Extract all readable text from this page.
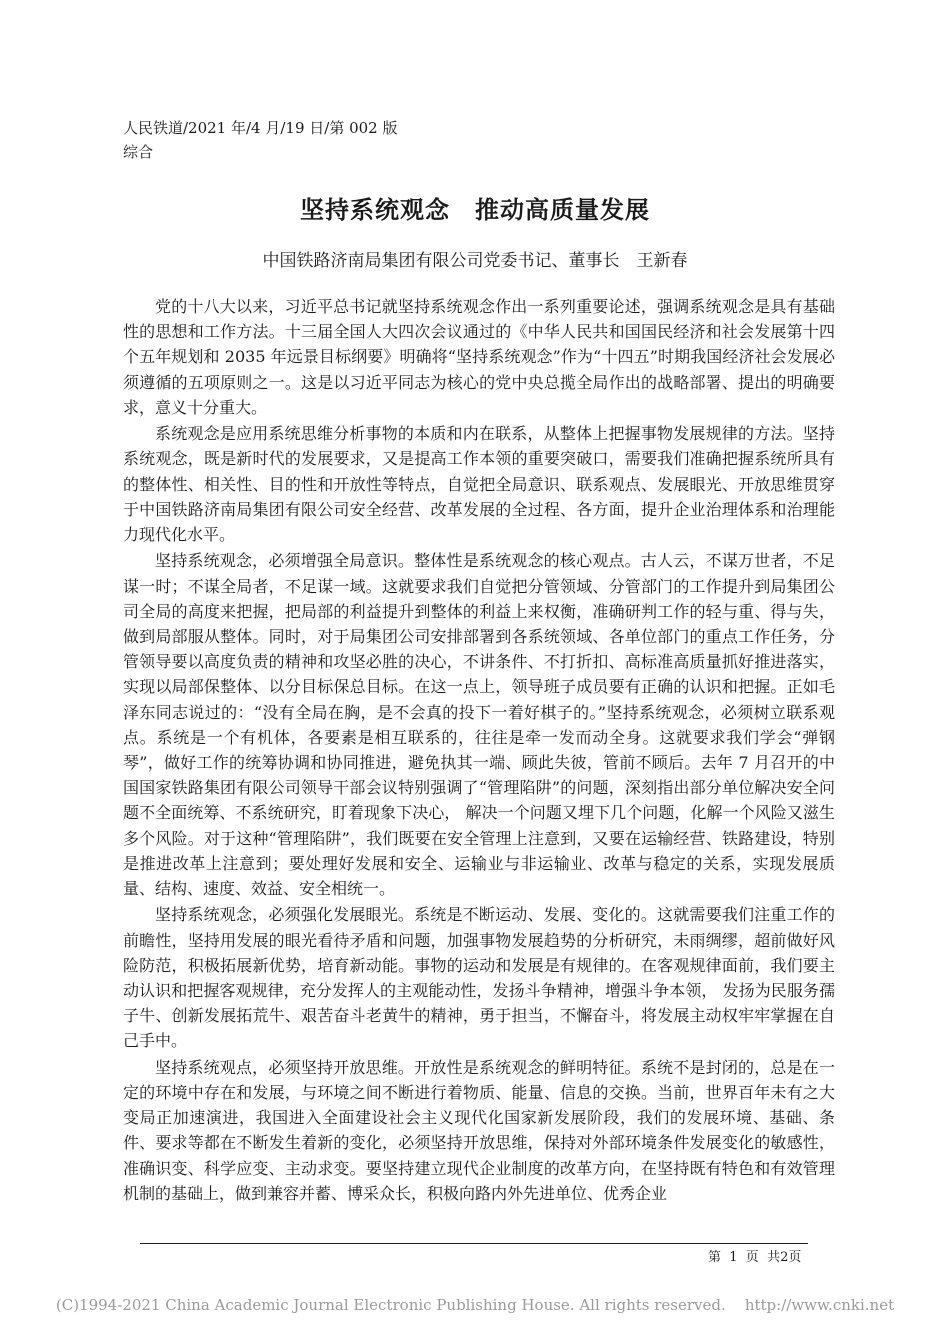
人民铁道/2021 年/4 月/19 日/第 002 版
综合
坚持系统观念　推动高质量发展
中国铁路济南局集团有限公司党委书记、董事长　王新春

党的十八大以来，习近平总书记就坚持系统观念作出一系列重要论述，强调系统观念是具有基础性的思想和工作方法。十三届全国人大四次会议通过的《中华人民共和国国民经济和社会发展第十四个五年规划和 2035 年远景目标纲要》明确将“坚持系统观念”作为“十四五”时期我国经济社会发展必须遵循的五项原则之一。这是以习近平同志为核心的党中央总揽全局作出的战略部署、提出的明确要求，意义十分重大。

系统观念是应用系统思维分析事物的本质和内在联系，从整体上把握事物发展规律的方法。坚持系统观念，既是新时代的发展要求，又是提高工作本领的重要突破口，需要我们准确把握系统所具有的整体性、相关性、目的性和开放性等特点，自觉把全局意识、联系观点、发展眼光、开放思维贯穿于中国铁路济南局集团有限公司安全经营、改革发展的全过程、各方面，提升企业治理体系和治理能力现代化水平。

坚持系统观念，必须增强全局意识。整体性是系统观念的核心观点。古人云，不谋万世者，不足谋一时；不谋全局者，不足谋一域。这就要求我们自觉把分管领域、分管部门的工作提升到局集团公司全局的高度来把握，把局部的利益提升到整体的利益上来权衡，准确研判工作的轻与重、得与失，做到局部服从整体。同时，对于局集团公司安排部署到各系统领域、各单位部门的重点工作任务，分管领导要以高度负责的精神和攻坚必胜的决心，不讲条件、不打折扣、高标准高质量抓好推进落实，实现以局部保整体、以分目标保总目标。在这一点上，领导班子成员要有正确的认识和把握。正如毛泽东同志说过的：“没有全局在胸，是不会真的投下一着好棋子的。”坚持系统观念，必须树立联系观点。系统是一个有机体，各要素是相互联系的，往往是牵一发而动全身。这就要求我们学会“弹钢琴”，做好工作的统筹协调和协同推进，避免执其一端、顾此失彼，管前不顾后。去年 7 月召开的中国国家铁路集团有限公司领导干部会议特别强调了“管理陷阱”的问题，深刻指出部分单位解决安全问题不全面统筹、不系统研究，盯着现象下决心， 解决一个问题又埋下几个问题，化解一个风险又滋生多个风险。对于这种“管理陷阱”，我们既要在安全管理上注意到，又要在运输经营、铁路建设，特别是推进改革上注意到；要处理好发展和安全、运输业与非运输业、改革与稳定的关系，实现发展质量、结构、速度、效益、安全相统一。

坚持系统观念，必须强化发展眼光。系统是不断运动、发展、变化的。这就需要我们注重工作的前瞻性，坚持用发展的眼光看待矛盾和问题，加强事物发展趋势的分析研究，未雨绸缪，超前做好风险防范，积极拓展新优势，培育新动能。事物的运动和发展是有规律的。在客观规律面前，我们要主动认识和把握客观规律，充分发挥人的主观能动性，发扬斗争精神，增强斗争本领， 发扬为民服务孺子牛、创新发展拓荒牛、艰苦奋斗老黄牛的精神，勇于担当，不懈奋斗，将发展主动权牢牢掌握在自己手中。

坚持系统观点，必须坚持开放思维。开放性是系统观念的鲜明特征。系统不是封闭的，总是在一定的环境中存在和发展，与环境之间不断进行着物质、能量、信息的交换。当前，世界百年未有之大变局正加速演进，我国进入全面建设社会主义现代化国家新发展阶段，我们的发展环境、基础、条件、要求等都在不断发生着新的变化，必须坚持开放思维，保持对外部环境条件发展变化的敏感性，准确识变、科学应变、主动求变。要坚持建立现代企业制度的改革方向，在坚持既有特色和有效管理机制的基础上，做到兼容并蓄、博采众长，积极向路内外先进单位、优秀企业

第  1  页  共2页
(C)1994-2021 China Academic Journal Electronic Publishing House. All rights reserved.    http://www.cnki.net
